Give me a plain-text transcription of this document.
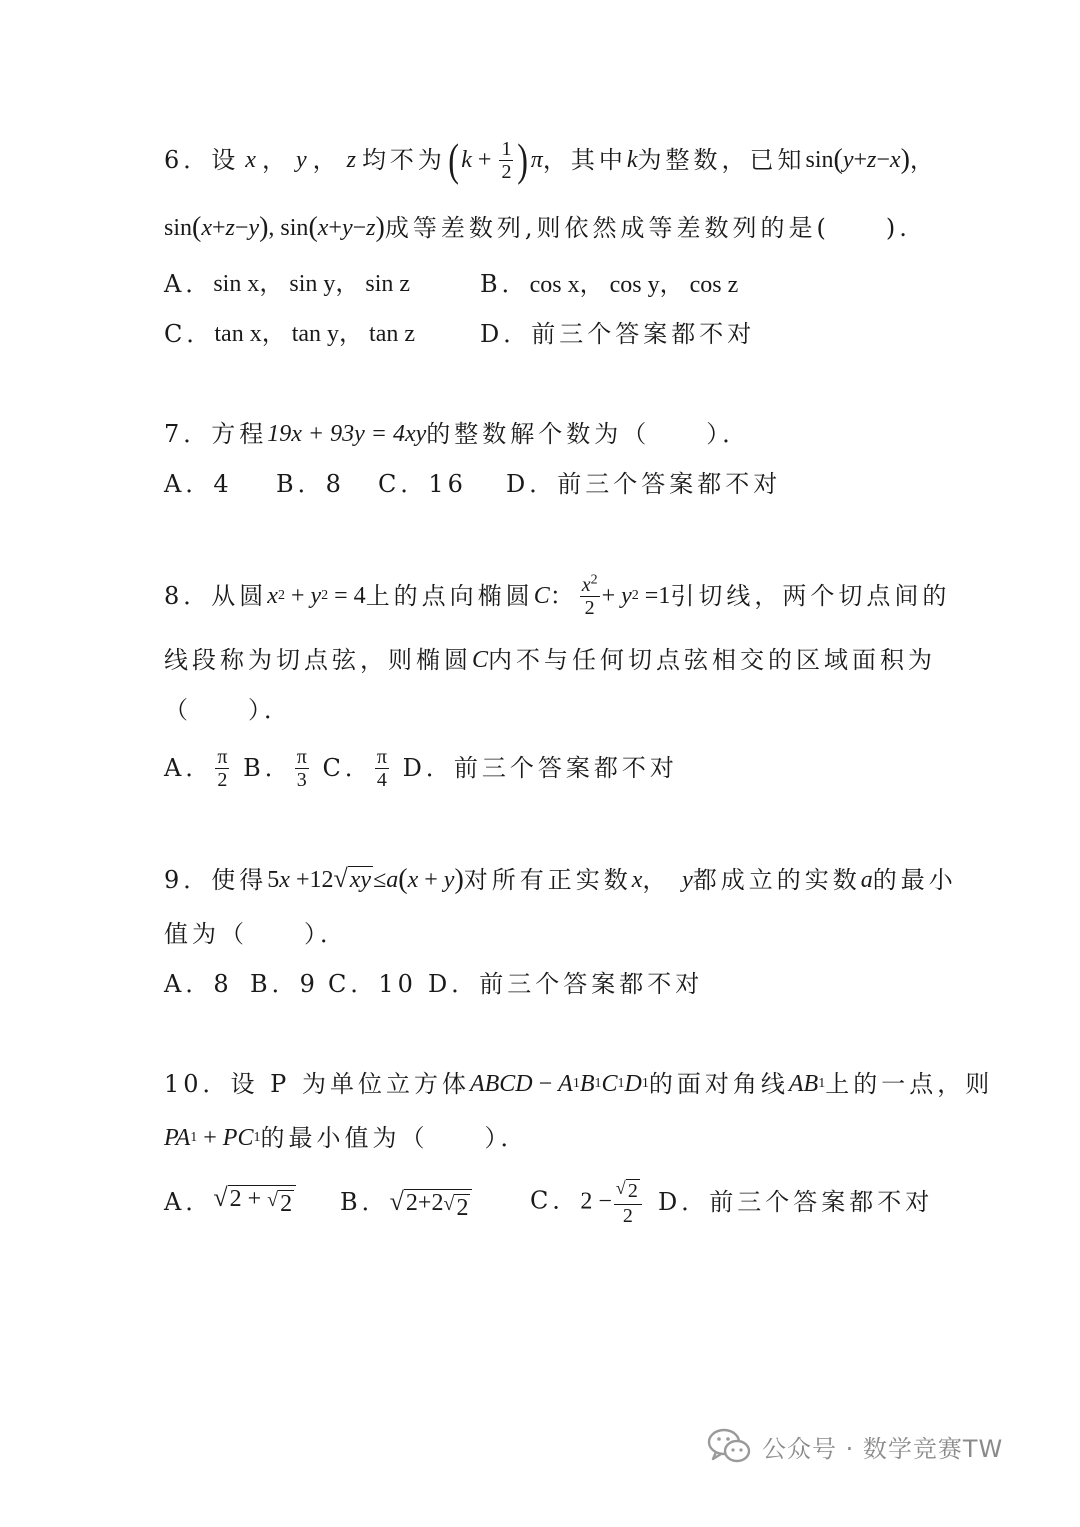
6． 设 x ， y ， z 均不为 ( $k + \frac{1}{2}$ ) π ，其中 k 为整数，已知 sin ( y + z − x ) ，
sin ( x + z − y ) , sin ( x + y − z ) 成等差数列,则依然成等差数列的是(　　).
A． sin x， sin y， sin z	B．cos x， cos y， cos z
C． tan x， tan y， tan z	D．前三个答案都不对
7． 方程 19x + 93y = 4xy 的整数解个数为（　　）．
A． 4 B．8 C．16 D．前三个答案都不对
8． 从圆 x 2 + y 2 = 4 上的点向椭圆 C ： $\frac{x^2}{2} + y$ 2 =1 引切线，两个切点间的
线段称为切点弦，则椭圆 C 内不与任何切点弦相交的区域面积为
（　　）．
A． $\frac{\pi}{2}$
B． $\frac{\pi}{3}$
C． $\frac{\pi}{4}$
D． 前三个答案都不对
9． 使得 5 x +12 √ xy ≤ a ( x + y ) 对所有正实数 x ， y 都成立的实数 a 的最小
值为（　　）．
A． 8 B．9 C．10 D．前三个答案都不对
10． 设 P 为单位立方体 ABCD − A 1 B 1 C 1 D 1 的面对角线 AB 1 上的一点，则
PA 1 + PC 1 的最小值为（　　）．
A． √ 2 + √ 2 B． √ 2+2 √ 2	C．$2 - \frac{√ 2}{2}$ D．前三个答案都不对
公众号 · 数学竞赛TW
